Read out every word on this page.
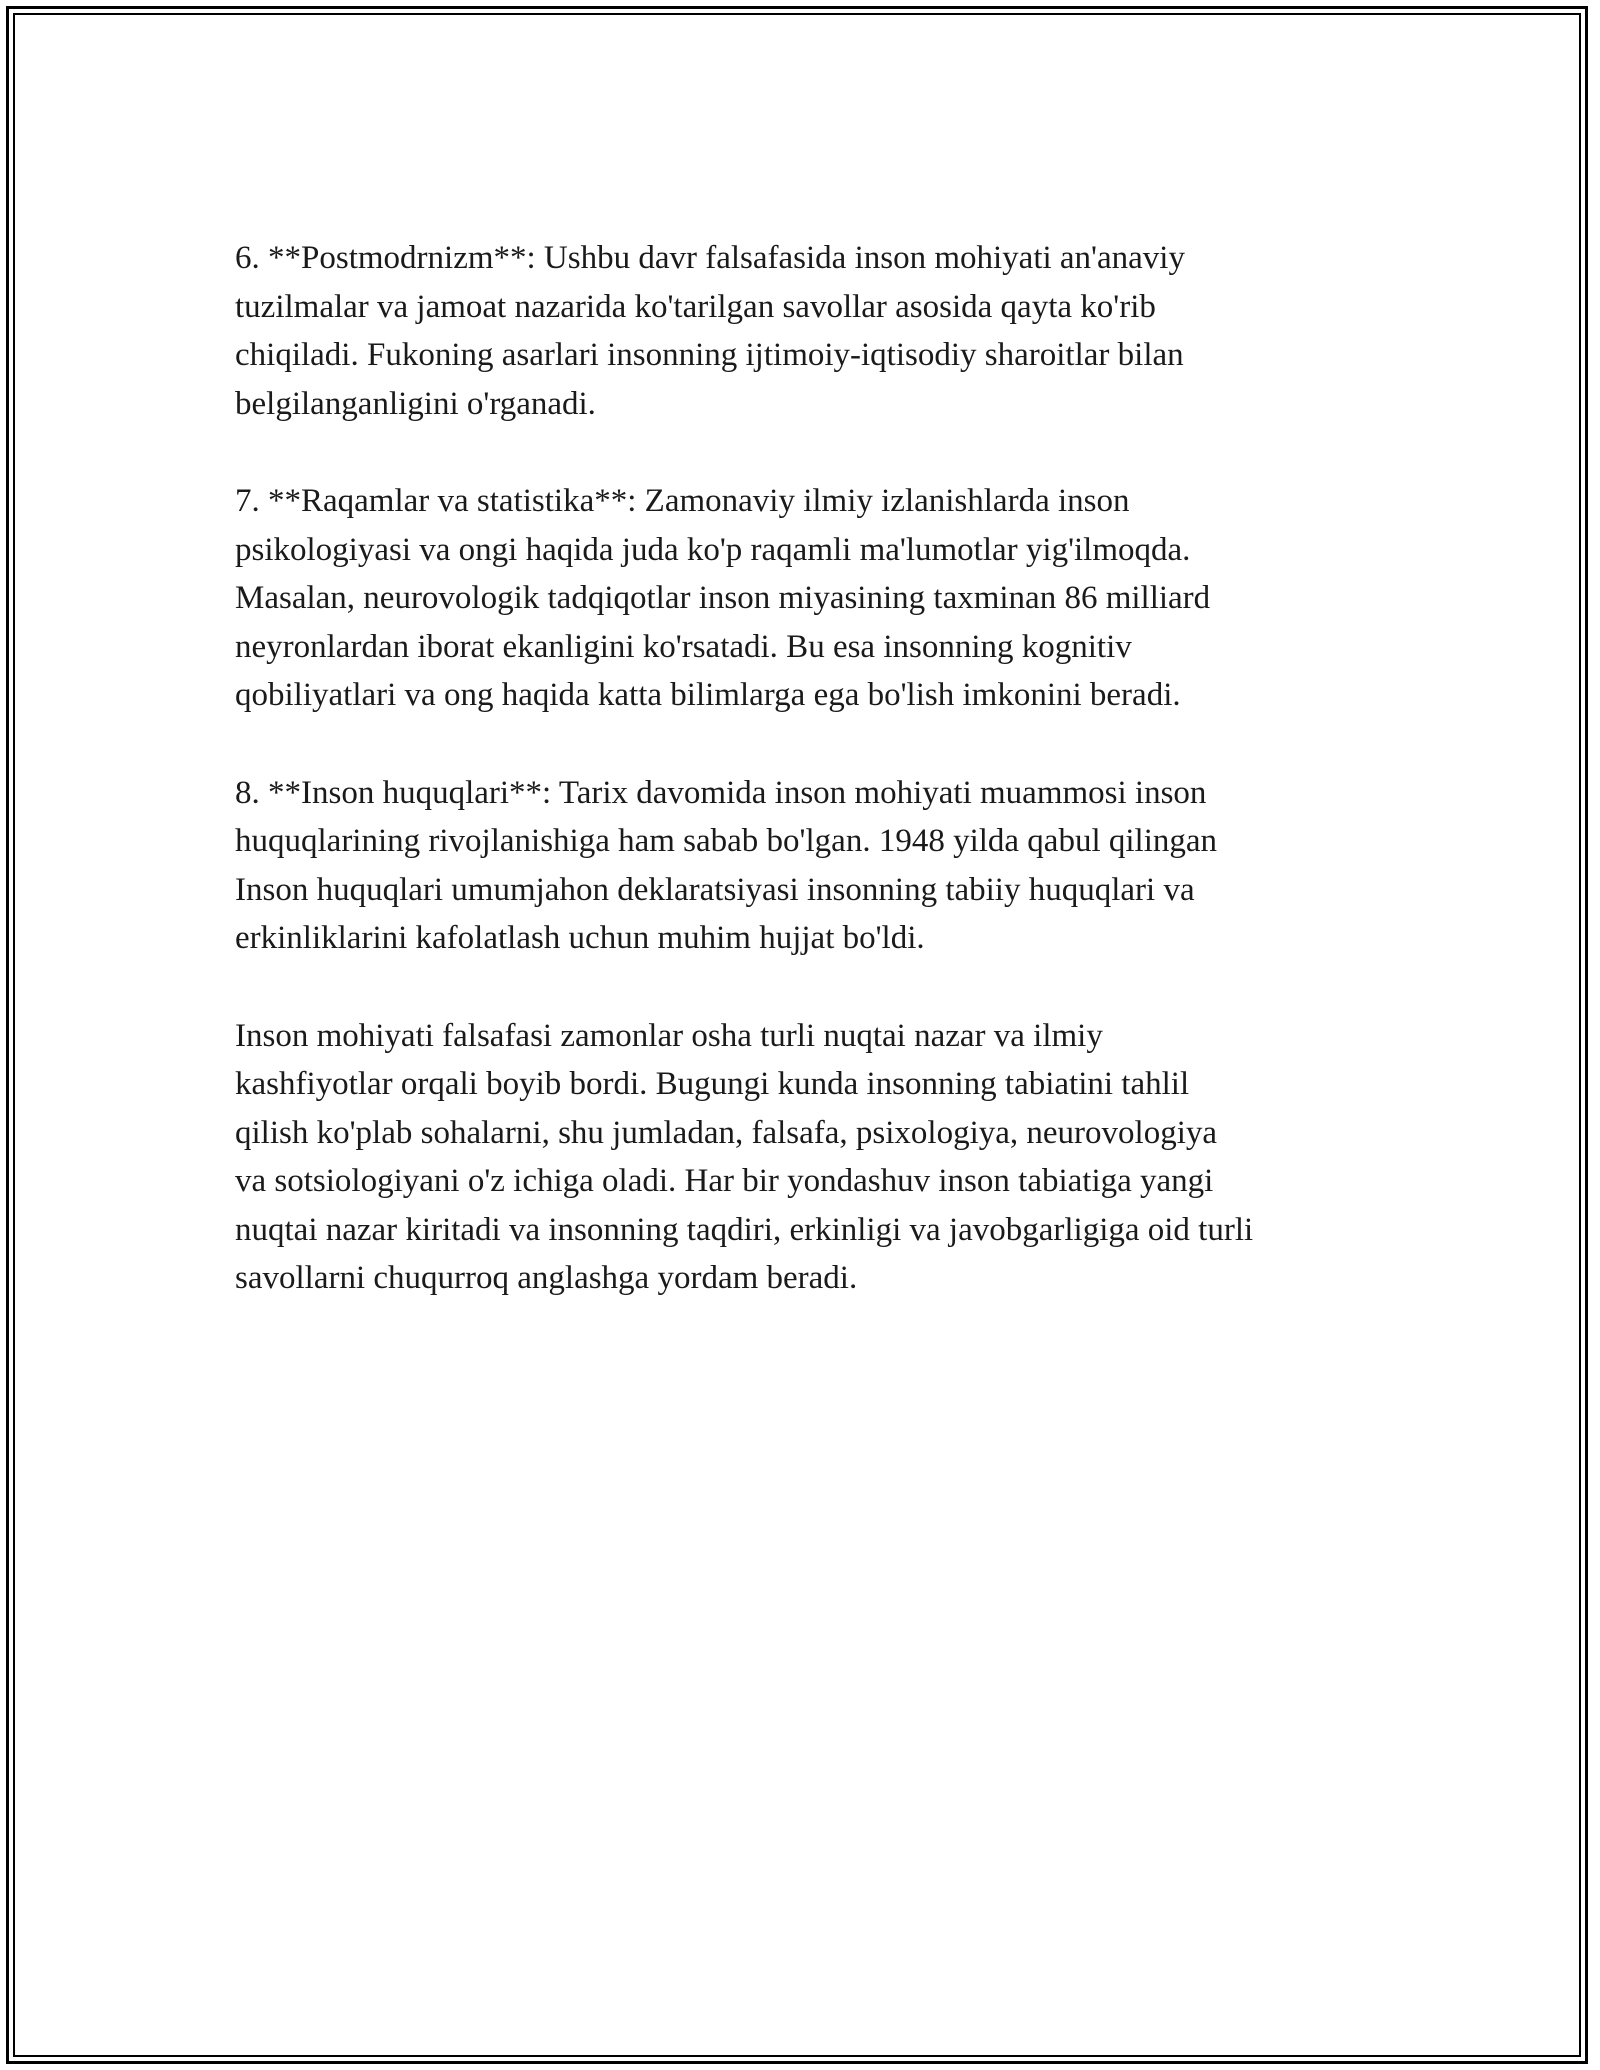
6. **Postmodrnizm**: Ushbu davr falsafasida inson mohiyati an'anaviy
tuzilmalar va jamoat nazarida ko'tarilgan savollar asosida qayta ko'rib
chiqiladi. Fukoning asarlari insonning ijtimoiy-iqtisodiy sharoitlar bilan
belgilanganligini o'rganadi.

7. **Raqamlar va statistika**: Zamonaviy ilmiy izlanishlarda inson
psikologiyasi va ongi haqida juda ko'p raqamli ma'lumotlar yig'ilmoqda.
Masalan, neurovologik tadqiqotlar inson miyasining taxminan 86 milliard
neyronlardan iborat ekanligini ko'rsatadi. Bu esa insonning kognitiv
qobiliyatlari va ong haqida katta bilimlarga ega bo'lish imkonini beradi.

8. **Inson huquqlari**: Tarix davomida inson mohiyati muammosi inson
huquqlarining rivojlanishiga ham sabab bo'lgan. 1948 yilda qabul qilingan
Inson huquqlari umumjahon deklaratsiyasi insonning tabiiy huquqlari va
erkinliklarini kafolatlash uchun muhim hujjat bo'ldi.

Inson mohiyati falsafasi zamonlar osha turli nuqtai nazar va ilmiy
kashfiyotlar orqali boyib bordi. Bugungi kunda insonning tabiatini tahlil
qilish ko'plab sohalarni, shu jumladan, falsafa, psixologiya, neurovologiya
va sotsiologiyani o'z ichiga oladi. Har bir yondashuv inson tabiatiga yangi
nuqtai nazar kiritadi va insonning taqdiri, erkinligi va javobgarligiga oid turli
savollarni chuqurroq anglashga yordam beradi.
